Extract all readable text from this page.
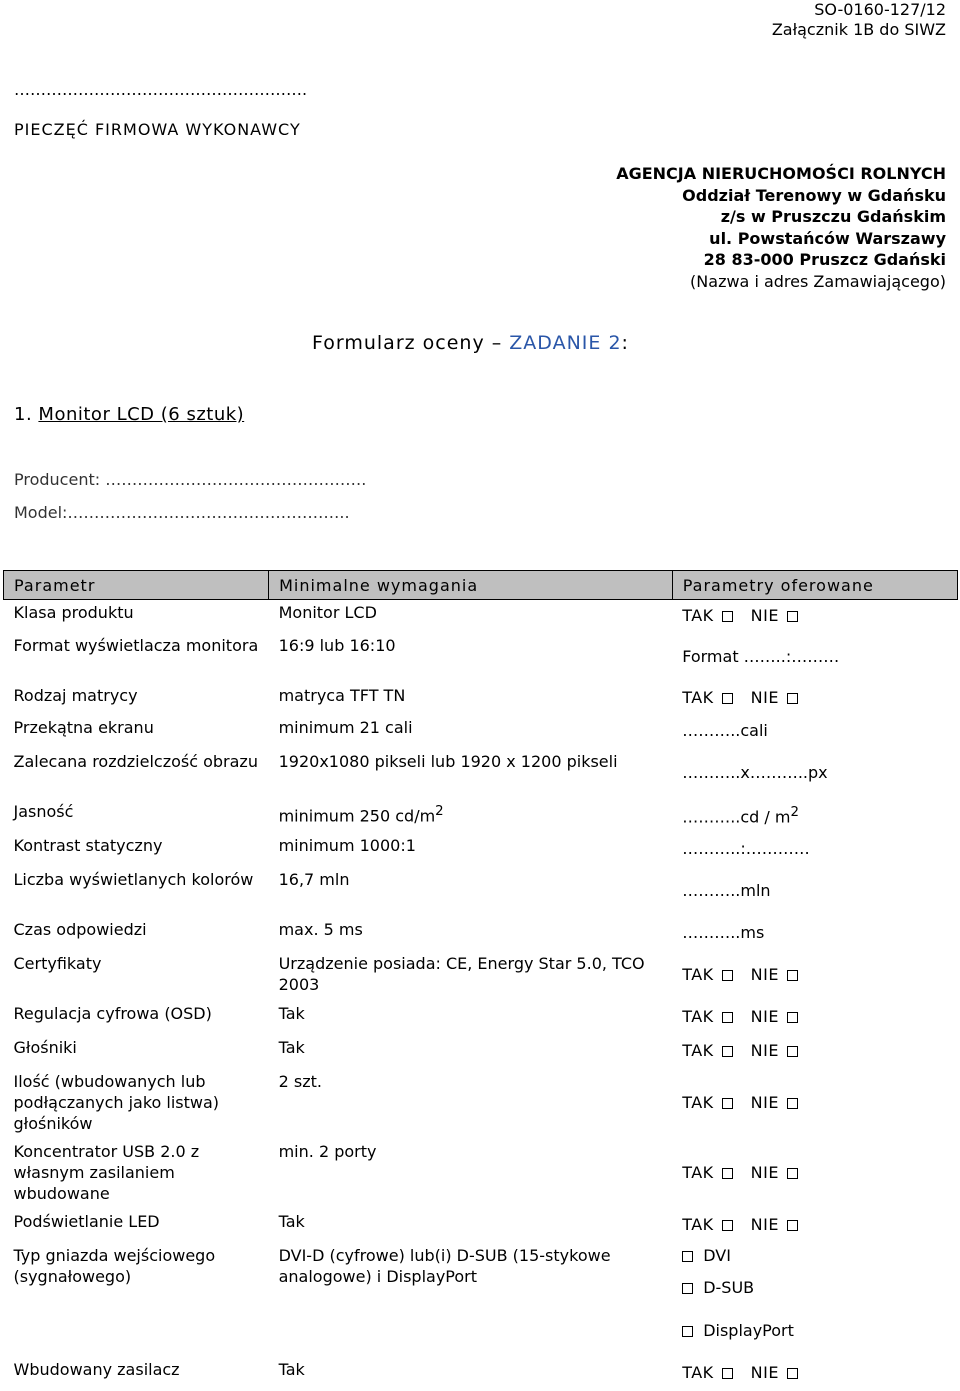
SO-0160-127/12
Załącznik 1B do SIWZ
……………………………………………….
PIECZĘĆ FIRMOWA WYKONAWCY
AGENCJA NIERUCHOMOŚCI ROLNYCH
Oddział Terenowy w Gdańsku
z/s w Pruszczu Gdańskim
ul. Powstańców Warszawy
28 83-000 Pruszcz Gdański
(Nazwa i adres Zamawiającego)
Formularz oceny – ZADANIE 2:
1. Monitor LCD (6 sztuk)
Producent: ………………………………………….
Model:……………………………………………..
Parametr	Minimalne wymagania	Parametry oferowane
Klasa produktu	Monitor LCD	TAK NIE
Format wyświetlacza monitora	16:9 lub 16:10	Format ……..:………
Rodzaj matrycy	matryca TFT TN	TAK NIE
Przekątna ekranu	minimum 21 cali	………..cali
Zalecana rozdzielczość obrazu	1920x1080 pikseli lub 1920 x 1200 pikseli	………..x………..px
Jasność	minimum 250 $cd/m^2$	………..cd / $m^2$
Kontrast statyczny	minimum 1000:1	………..:…………
Liczba wyświetlanych kolorów	16,7 mln	………..mln
Czas odpowiedzi	max. 5 ms	………..ms
Certyfikaty	Urządzenie posiada: CE, Energy Star 5.0, TCO 2003	TAK NIE
Regulacja cyfrowa (OSD)	Tak	TAK NIE
Głośniki	Tak	TAK NIE
Ilość (wbudowanych lub podłączanych jako listwa) głośników	2 szt.	TAK NIE
Koncentrator USB 2.0 z własnym zasilaniem wbudowane	min. 2 porty	TAK NIE
Podświetlanie LED	Tak	TAK NIE
Typ gniazda wejściowego (sygnałowego)	DVI-D (cyfrowe) lub(i) D-SUB (15-stykowe analogowe) i DisplayPort	DVI
D-SUB
DisplayPort

Wbudowany zasilacz	Tak	TAK NIE
